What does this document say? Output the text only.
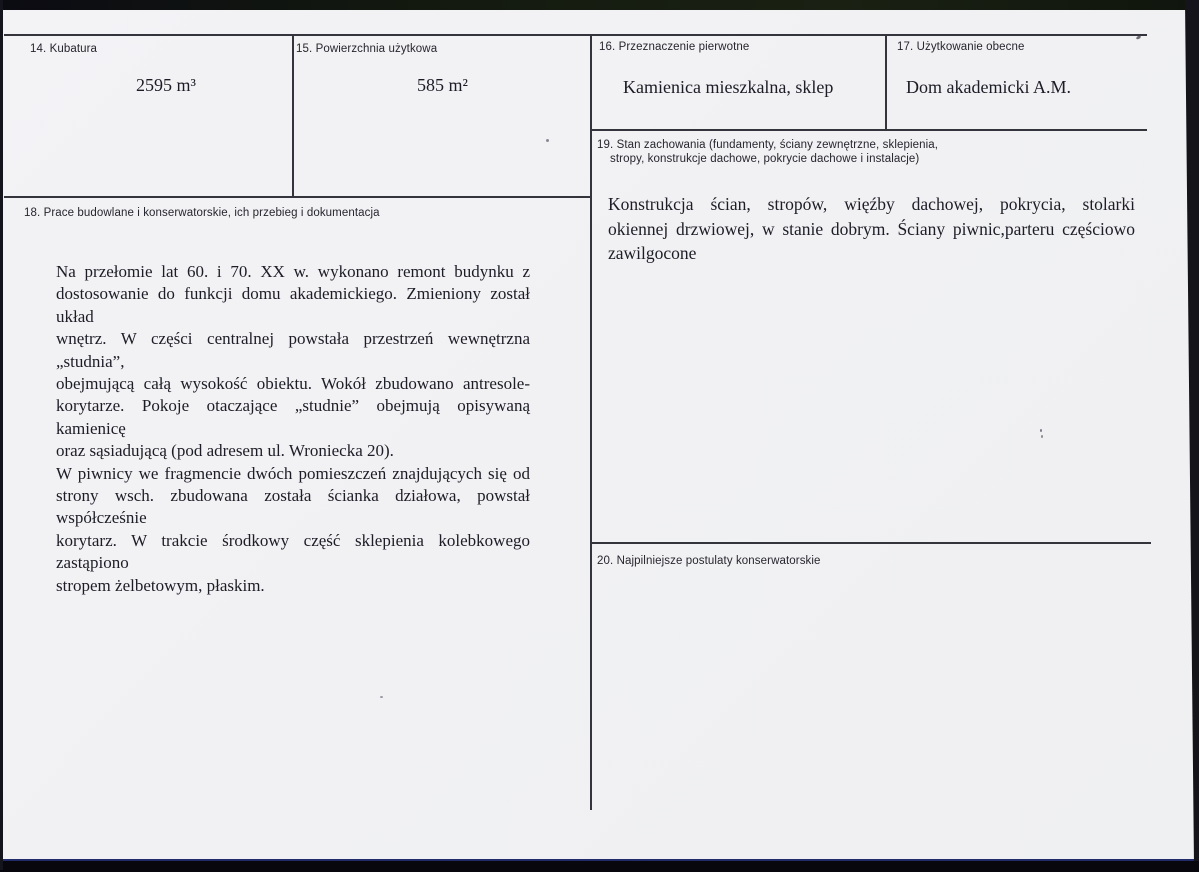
14. Kubatura
2595 m³
15. Powierzchnia użytkowa
585 m²
16. Przeznaczenie pierwotne
Kamienica mieszkalna, sklep
17. Użytkowanie obecne
Dom akademicki A.M.
19. Stan zachowania (fundamenty, ściany zewnętrzne, sklepienia,
stropy, konstrukcje dachowe, pokrycie dachowe i instalacje)
Konstrukcja ścian, stropów, więźby dachowej, pokrycia, stolarki
okiennej drzwiowej, w stanie dobrym. Ściany piwnic,parteru częściowo
zawilgocone
18. Prace budowlane i konserwatorskie, ich przebieg i dokumentacja
Na przełomie lat 60. i 70. XX w. wykonano remont budynku z
dostosowanie do funkcji domu akademickiego. Zmieniony został układ
wnętrz. W części centralnej powstała przestrzeń wewnętrzna „studnia”,
obejmującą całą wysokość obiektu. Wokół zbudowano antresole-
korytarze. Pokoje otaczające „studnie” obejmują opisywaną kamienicę
oraz sąsiadującą (pod adresem ul. Wroniecka 20).
W piwnicy we fragmencie dwóch pomieszczeń znajdujących się od
strony wsch. zbudowana została ścianka działowa, powstał współcześnie
korytarz. W trakcie środkowy część sklepienia kolebkowego zastąpiono
stropem żelbetowym, płaskim.
20. Najpilniejsze postulaty konserwatorskie
